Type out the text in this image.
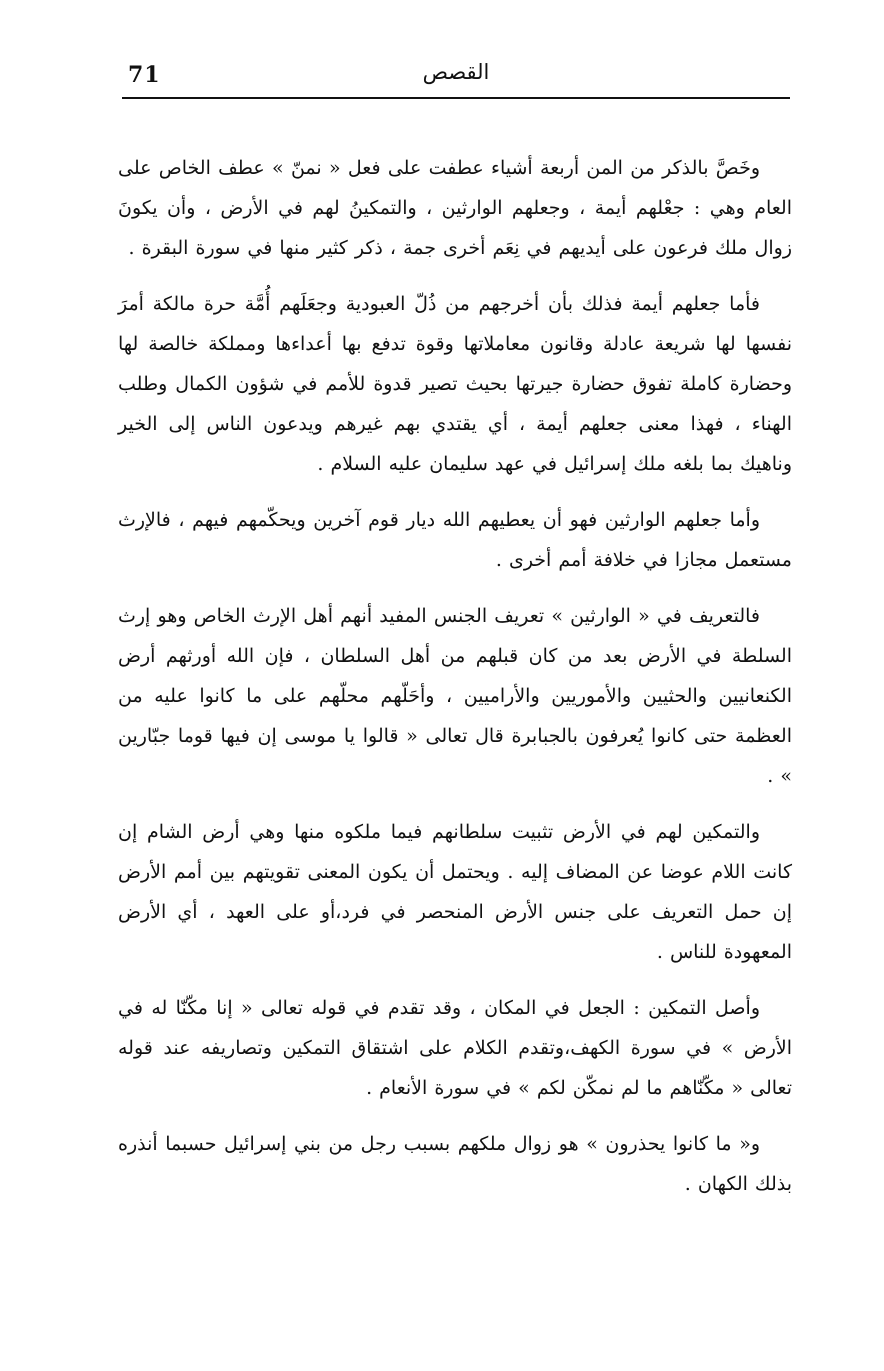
71	القصص

وخَصَّ بالذكر من المن أربعة أشياء عطفت على فعل « نمنّ » عطف الخاص على العام وهي : جعْلهم أيمة ، وجعلهم الوارثين ، والتمكينُ لهم في الأرض ، وأن يكونَ زوال ملك فرعون على أيديهم في نِعَم أخرى جمة ، ذكر كثير منها في سورة البقرة .

فأما جعلهم أيمة فذلك بأن أخرجهم من ذُلّ العبودية وجعَلَهم أُمَّة حرة مالكة أمرَ نفسها لها شريعة عادلة وقانون معاملاتها وقوة تدفع بها أعداءها ومملكة خالصة لها وحضارة كاملة تفوق حضارة جيرتها بحيث تصير قدوة للأمم في شؤون الكمال وطلب الهناء ، فهذا معنى جعلهم أيمة ، أي يقتدي بهم غيرهم ويدعون الناس إلى الخير وناهيك بما بلغه ملك إسرائيل في عهد سليمان عليه السلام .

وأما جعلهم الوارثين فهو أن يعطيهم الله ديار قوم آخرين ويحكّمهم فيهم ، فالإرث مستعمل مجازا في خلافة أمم أخرى .

فالتعريف في « الوارثين » تعريف الجنس المفيد أنهم أهل الإرث الخاص وهو إرث السلطة في الأرض بعد من كان قبلهم من أهل السلطان ، فإن الله أورثهم أرض الكنعانيين والحثيين والأموريين والأراميين ، وأحَلّهم محلّهم على ما كانوا عليه من العظمة حتى كانوا يُعرفون بالجبابرة قال تعالى « قالوا يا موسى إن فيها قوما جبّارين » .

والتمكين لهم في الأرض تثبيت سلطانهم فيما ملكوه منها وهي أرض الشام إن كانت اللام عوضا عن المضاف إليه . ويحتمل أن يكون المعنى تقويتهم بين أمم الأرض إن حمل التعريف على جنس الأرض المنحصر في فرد،أو على العهد ، أي الأرض المعهودة للناس .

وأصل التمكين : الجعل في المكان ، وقد تقدم في قوله تعالى « إنا مكّنّا له في الأرض » في سورة الكهف،وتقدم الكلام على اشتقاق التمكين وتصاريفه عند قوله تعالى « مكّنّاهم ما لم نمكّن لكم » في سورة الأنعام .

و« ما كانوا يحذرون » هو زوال ملكهم بسبب رجل من بني إسرائيل حسبما أنذره بذلك الكهان .
